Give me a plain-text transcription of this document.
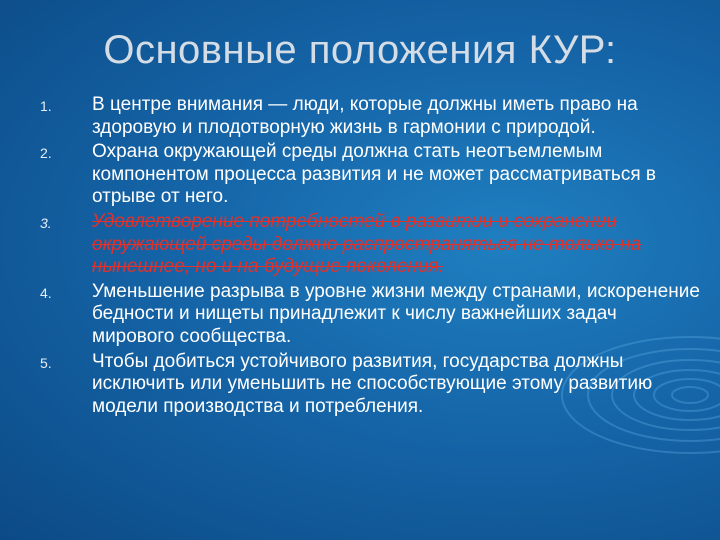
Основные положения КУР:
1. В центре внимания — люди, которые должны иметь право на здоровую и плодотворную жизнь в гармонии с природой.
2. Охрана окружающей среды должна стать неотъемлемым компонентом процесса развития и не может рассматриваться в отрыве от него.
3. Удовлетворение потребностей в развитии и сохранении окружающей среды должно распространяться не только на нынешнее, но и на будущие поколения.
4. Уменьшение разрыва в уровне жизни между странами, искоренение бедности и нищеты принадлежит к числу важнейших задач мирового сообщества.
5. Чтобы добиться устойчивого развития, государства должны исключить или уменьшить не способствующие этому развитию модели производства и потребления.
